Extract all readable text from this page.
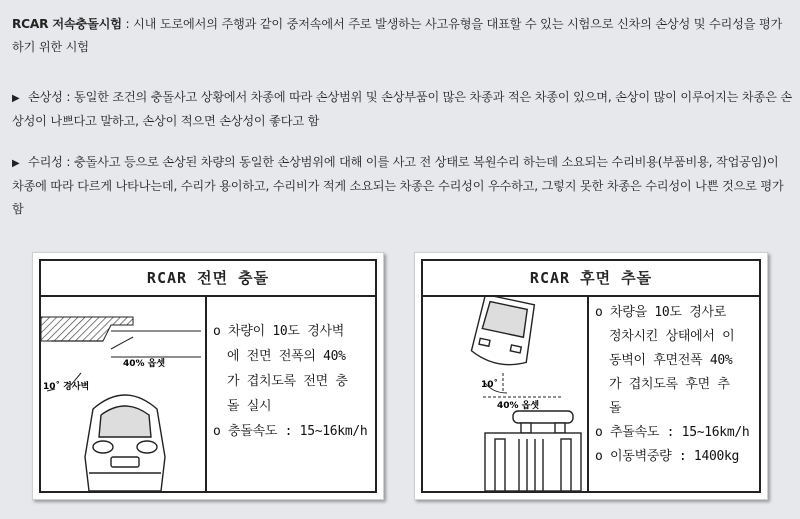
RCAR 저속충돌시험 : 시내 도로에서의 주행과 같이 중저속에서 주로 발생하는 사고유형을 대표할 수 있는 시험으로 신차의 손상성 및 수리성을 평가하기 위한 시험
▶ 손상성 : 동일한 조건의 충돌사고 상황에서 차종에 따라 손상범위 및 손상부품이 많은 차종과 적은 차종이 있으며, 손상이 많이 이루어지는 차종은 손상성이 나쁘다고 말하고, 손상이 적으면 손상성이 좋다고 함
▶ 수리성 : 충돌사고 등으로 손상된 차량의 동일한 손상범위에 대해 이를 사고 전 상태로 복원수리 하는데 소요되는 수리비용(부품비용, 작업공임)이 차종에 따라 다르게 나타나는데, 수리가 용이하고, 수리비가 적게 소요되는 차종은 수리성이 우수하고, 그렇지 못한 차종은 수리성이 나쁜 것으로 평가함
RCAR 전면 충돌
40% 옵셋
10˚ 경사벽
o 차량이 10도 경사벽
에 전면 전폭의 40%
가 겹치도록 전면 충
돌 실시
o 충돌속도 : 15~16km/h
RCAR 후면 추돌
10˚
40% 옵셋
o 차량을 10도 경사로
정차시킨 상태에서 이
동벽이 후면전폭 40%
가 겹치도록 후면 추
돌
o 추돌속도 : 15~16km/h
o 이동벽중량 : 1400kg
